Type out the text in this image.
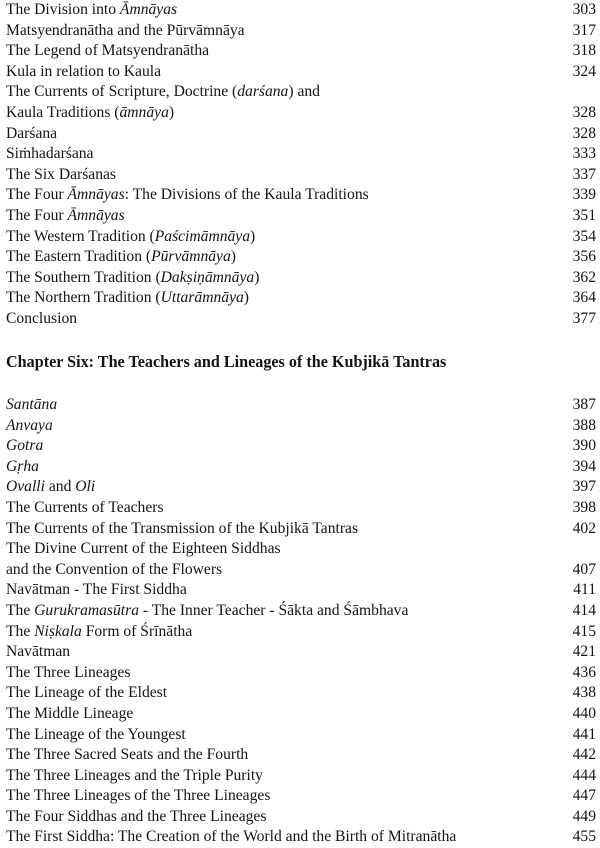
The Division into Āmnāyas	303
Matsyendranātha and the Pūrvāmnāya	317
The Legend of Matsyendranātha	318
Kula in relation to Kaula	324
The Currents of Scripture, Doctrine (darśana) and
Kaula Traditions (āmnāya)	328
Darśana	328
Siṁhadarśana	333
The Six Darśanas	337
The Four Āmnāyas: The Divisions of the Kaula Traditions	339
The Four Āmnāyas	351
The Western Tradition (Paścimāmnāya)	354
The Eastern Tradition (Pūrvāmnāya)	356
The Southern Tradition (Dakṣiṇāmnāya)	362
The Northern Tradition (Uttarāmnāya)	364
Conclusion	377
Chapter Six: The Teachers and Lineages of the Kubjikā Tantras
Santāna	387
Anvaya	388
Gotra	390
Gṛha	394
Ovalli and Oli	397
The Currents of Teachers	398
The Currents of the Transmission of the Kubjikā Tantras	402
The Divine Current of the Eighteen Siddhas
and the Convention of the Flowers	407
Navātman - The First Siddha	411
The Gurukramasūtra - The Inner Teacher - Śākta and Śāmbhava	414
The Niṣkala Form of Śrīnātha	415
Navātman	421
The Three Lineages	436
The Lineage of the Eldest	438
The Middle Lineage	440
The Lineage of the Youngest	441
The Three Sacred Seats and the Fourth	442
The Three Lineages and the Triple Purity	444
The Three Lineages of the Three Lineages	447
The Four Siddhas and the Three Lineages	449
The First Siddha: The Creation of the World and the Birth of Mitranātha	455
